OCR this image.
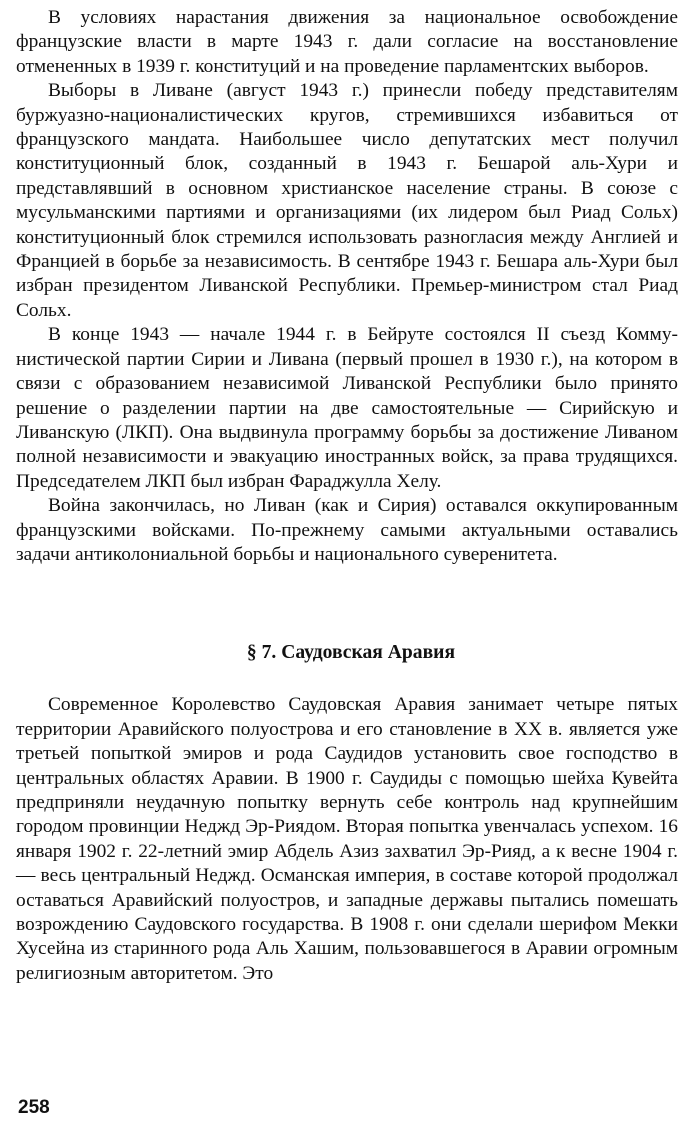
В условиях нарастания движения за национальное освобождение французские власти в марте 1943 г. дали согласие на восстановление отмененных в 1939 г. конституций и на проведение парламентских выборов.

Выборы в Ливане (август 1943 г.) принесли победу представителям буржуазно-националистических кругов, стремившихся избавиться от французского мандата. Наибольшее число депутатских мест получил конституционный блок, созданный в 1943 г. Бешарой аль-Хури и представлявший в основном христианское население страны. В союзе с мусульманскими партиями и организациями (их лидером был Риад Сольх) конституционный блок стремился использовать разногласия между Англией и Францией в борьбе за независимость. В сентябре 1943 г. Бешара аль-Хури был избран президентом Ливанской Республики. Премьер-министром стал Риад Сольх.

В конце 1943 — начале 1944 г. в Бейруте состоялся II съезд Коммунистической партии Сирии и Ливана (первый прошел в 1930 г.), на котором в связи с образованием независимой Ливанской Республики было принято решение о разделении партии на две самостоятельные — Сирийскую и Ливанскую (ЛКП). Она выдвинула программу борьбы за достижение Ливаном полной независимости и эвакуацию иностранных войск, за права трудящихся. Председателем ЛКП был избран Фараджулла Хелу.

Война закончилась, но Ливан (как и Сирия) оставался оккупированным французскими войсками. По-прежнему самыми актуальными оставались задачи антиколониальной борьбы и национального суверенитета.

§ 7. Саудовская Аравия

Современное Королевство Саудовская Аравия занимает четыре пятых территории Аравийского полуострова и его становление в XX в. является уже третьей попыткой эмиров и рода Саудидов установить свое господство в центральных областях Аравии. В 1900 г. Саудиды с помощью шейха Кувейта предприняли неудачную попытку вернуть себе контроль над крупнейшим городом провинции Неджд Эр-Риядом. Вторая попытка увенчалась успехом. 16 января 1902 г. 22-летний эмир Абдель Азиз захватил Эр-Рияд, а к весне 1904 г. — весь центральный Неджд. Османская империя, в составе которой продолжал оставаться Аравийский полуостров, и западные державы пытались помешать возрождению Саудовского государства. В 1908 г. они сделали шерифом Мекки Хусейна из старинного рода Аль Хашим, пользовавшегося в Аравии огромным религиозным авторитетом. Это

258
